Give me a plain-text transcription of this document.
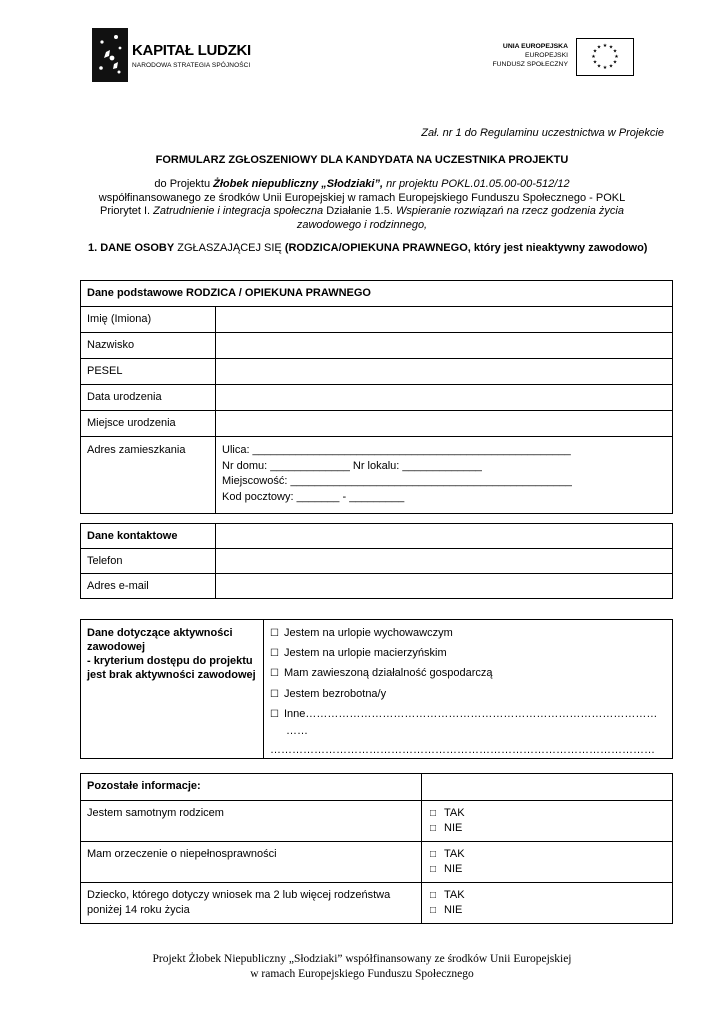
KAPITAŁ LUDZKI
NARODOWA STRATEGIA SPÓJNOŚCI
UNIA EUROPEJSKA
EUROPEJSKI
FUNDUSZ SPOŁECZNY
★ ★
★
★
★
★
★
★
★
★
★
★
Zał. nr 1 do Regulaminu uczestnictwa w Projekcie
FORMULARZ ZGŁOSZENIOWY DLA KANDYDATA NA UCZESTNIKA PROJEKTU
do Projektu Żłobek niepubliczny „Słodziaki”, nr projektu POKL.01.05.00-00-512/12
współfinansowanego ze środków Unii Europejskiej w ramach Europejskiego Funduszu Społecznego - POKL
Priorytet I. Zatrudnienie i integracja społeczna Działanie 1.5. Wspieranie rozwiązań na rzecz godzenia życia zawodowego i rodzinnego,
1. DANE OSOBY ZGŁASZAJĄCEJ SIĘ (RODZICA/OPIEKUNA PRAWNEGO, który jest nieaktywny zawodowo)
Dane podstawowe RODZICA / OPIEKUNA PRAWNEGO	
Imię (Imiona)	
Nazwisko	
PESEL	
Data urodzenia	
Miejsce urodzenia	
Adres zamieszkania	Ulica: ____________________________________________________
Nr domu: _____________ Nr lokalu: _____________
Miejscowość: ______________________________________________
Kod pocztowy: _______ - _________
Dane kontaktowe	
Telefon	
Adres e-mail	
Dane dotyczące aktywności zawodowej
- kryterium dostępu do projektu jest brak aktywności zawodowej

☐ Jestem na urlopie wychowawczym
☐ Jestem na urlopie macierzyńskim
☐ Mam zawieszoną działalność gospodarczą
☐ Jestem bezrobotna/y
☐ Inne……………………………………………………………………………………
……
……………………………………………………………………………………………
Pozostałe informacje:	
Jestem samotnym rodzicem	□ TAK
□ NIE

Mam orzeczenie o niepełnosprawności	□ TAK
□ NIE

Dziecko, którego dotyczy wniosek ma 2 lub więcej rodzeństwa poniżej 14 roku życia	□ TAK
□ NIE
Projekt Żłobek Niepubliczny „Słodziaki” współfinansowany ze środków Unii Europejskiej
w ramach Europejskiego Funduszu Społecznego
